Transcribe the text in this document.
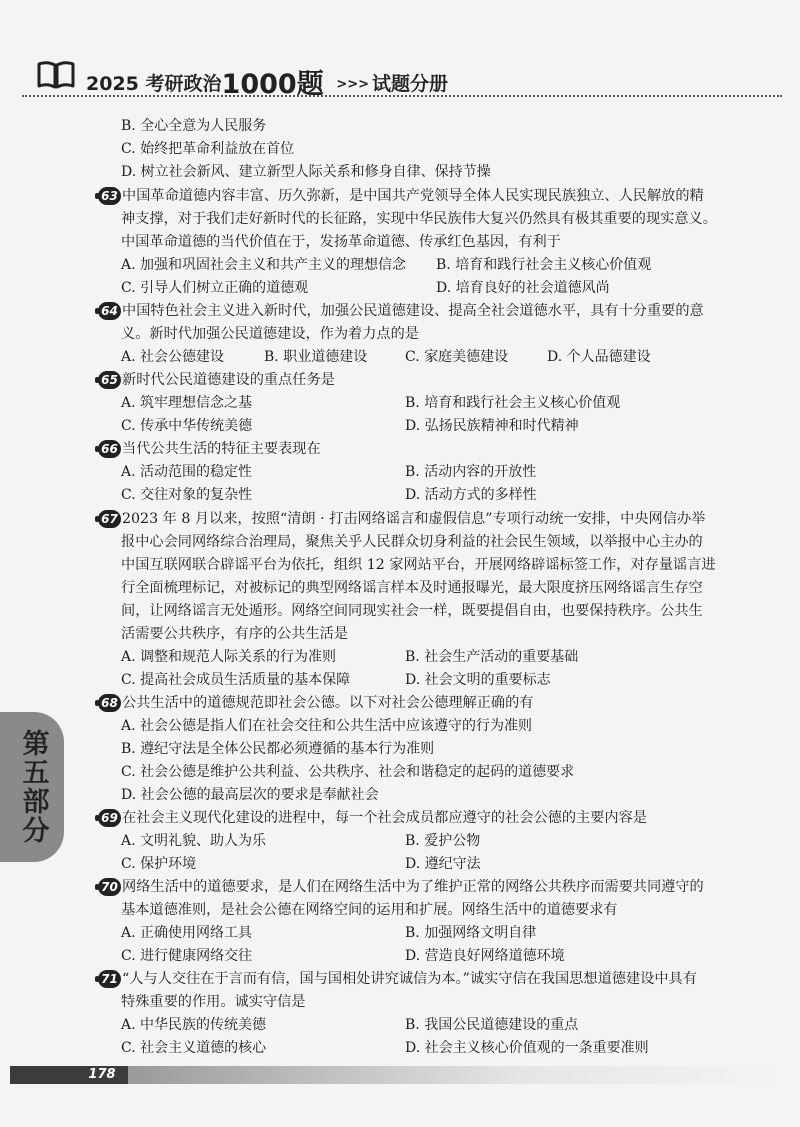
2025 考研政治1000题 >>> 试题分册
B. 全心全意为人民服务
C. 始终把革命利益放在首位
D. 树立社会新风、建立新型人际关系和修身自律、保持节操
63 中国革命道德内容丰富、历久弥新，是中国共产党领导全体人民实现民族独立、人民解放的精
神支撑，对于我们走好新时代的长征路，实现中华民族伟大复兴仍然具有极其重要的现实意义。
中国革命道德的当代价值在于，发扬革命道德、传承红色基因，有利于
A. 加强和巩固社会主义和共产主义的理想信念 B. 培育和践行社会主义核心价值观
C. 引导人们树立正确的道德观	D. 培育良好的社会道德风尚
64 中国特色社会主义进入新时代，加强公民道德建设、提高全社会道德水平，具有十分重要的意
义。新时代加强公民道德建设，作为着力点的是
A. 社会公德建设	B. 职业道德建设	C. 家庭美德建设	D. 个人品德建设
65 新时代公民道德建设的重点任务是
A. 筑牢理想信念之基	B. 培育和践行社会主义核心价值观
C. 传承中华传统美德	D. 弘扬民族精神和时代精神
66 当代公共生活的特征主要表现在
A. 活动范围的稳定性	B. 活动内容的开放性
C. 交往对象的复杂性	D. 活动方式的多样性
67 2023 年 8 月以来，按照“清朗 · 打击网络谣言和虚假信息”专项行动统一安排，中央网信办举
报中心会同网络综合治理局，聚焦关乎人民群众切身利益的社会民生领域，以举报中心主办的
中国互联网联合辟谣平台为依托，组织 12 家网站平台，开展网络辟谣标签工作，对存量谣言进
行全面梳理标记，对被标记的典型网络谣言样本及时通报曝光，最大限度挤压网络谣言生存空
间，让网络谣言无处遁形。网络空间同现实社会一样，既要提倡自由，也要保持秩序。公共生
活需要公共秩序，有序的公共生活是
A. 调整和规范人际关系的行为准则	B. 社会生产活动的重要基础
C. 提高社会成员生活质量的基本保障	D. 社会文明的重要标志
68 公共生活中的道德规范即社会公德。以下对社会公德理解正确的有
A. 社会公德是指人们在社会交往和公共生活中应该遵守的行为准则
B. 遵纪守法是全体公民都必须遵循的基本行为准则
C. 社会公德是维护公共利益、公共秩序、社会和谐稳定的起码的道德要求
D. 社会公德的最高层次的要求是奉献社会
69 在社会主义现代化建设的进程中，每一个社会成员都应遵守的社会公德的主要内容是
A. 文明礼貌、助人为乐	B. 爱护公物
C. 保护环境	D. 遵纪守法
70 网络生活中的道德要求，是人们在网络生活中为了维护正常的网络公共秩序而需要共同遵守的
基本道德准则，是社会公德在网络空间的运用和扩展。网络生活中的道德要求有
A. 正确使用网络工具	B. 加强网络文明自律
C. 进行健康网络交往	D. 营造良好网络道德环境
71 “人与人交往在于言而有信，国与国相处讲究诚信为本。”诚实守信在我国思想道德建设中具有
特殊重要的作用。诚实守信是
A. 中华民族的传统美德	B. 我国公民道德建设的重点
C. 社会主义道德的核心	D. 社会主义核心价值观的一条重要准则
第五部分
178
